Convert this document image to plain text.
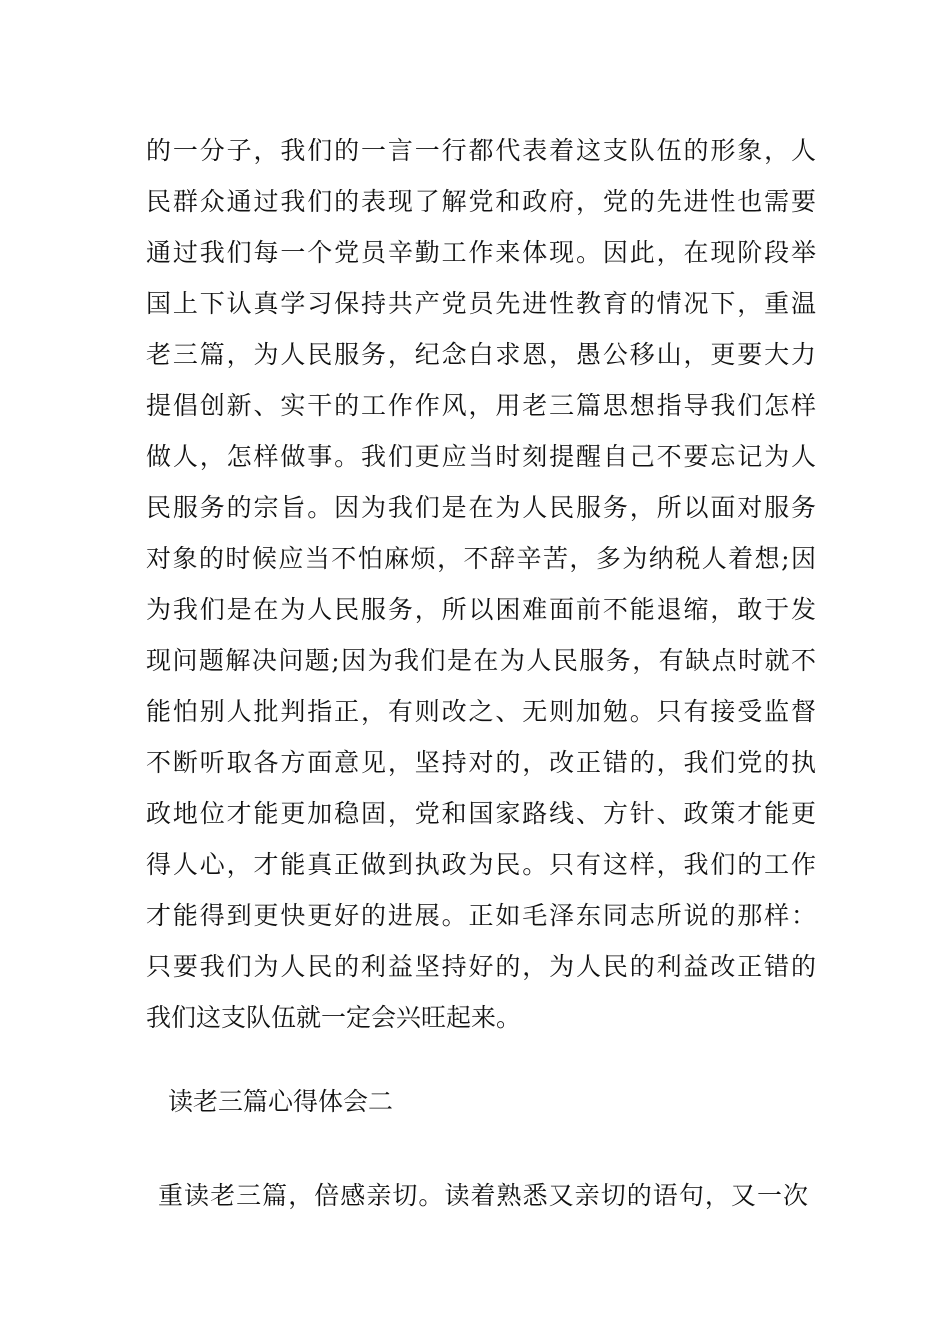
的一分子，我们的一言一行都代表着这支队伍的形象，人
民群众通过我们的表现了解党和政府，党的先进性也需要
通过我们每一个党员辛勤工作来体现。因此，在现阶段举
国上下认真学习保持共产党员先进性教育的情况下，重温
老三篇，为人民服务，纪念白求恩，愚公移山，更要大力
提倡创新、实干的工作作风，用老三篇思想指导我们怎样
做人，怎样做事。我们更应当时刻提醒自己不要忘记为人
民服务的宗旨。因为我们是在为人民服务，所以面对服务
对象的时候应当不怕麻烦，不辞辛苦，多为纳税人着想;因
为我们是在为人民服务，所以困难面前不能退缩，敢于发
现问题解决问题;因为我们是在为人民服务，有缺点时就不
能怕别人批判指正，有则改之、无则加勉。只有接受监督
不断听取各方面意见，坚持对的，改正错的，我们党的执
政地位才能更加稳固，党和国家路线、方针、政策才能更
得人心，才能真正做到执政为民。只有这样，我们的工作
才能得到更快更好的进展。正如毛泽东同志所说的那样：
只要我们为人民的利益坚持好的，为人民的利益改正错的
我们这支队伍就一定会兴旺起来。
读老三篇心得体会二
重读老三篇，倍感亲切。读着熟悉又亲切的语句，又一次
